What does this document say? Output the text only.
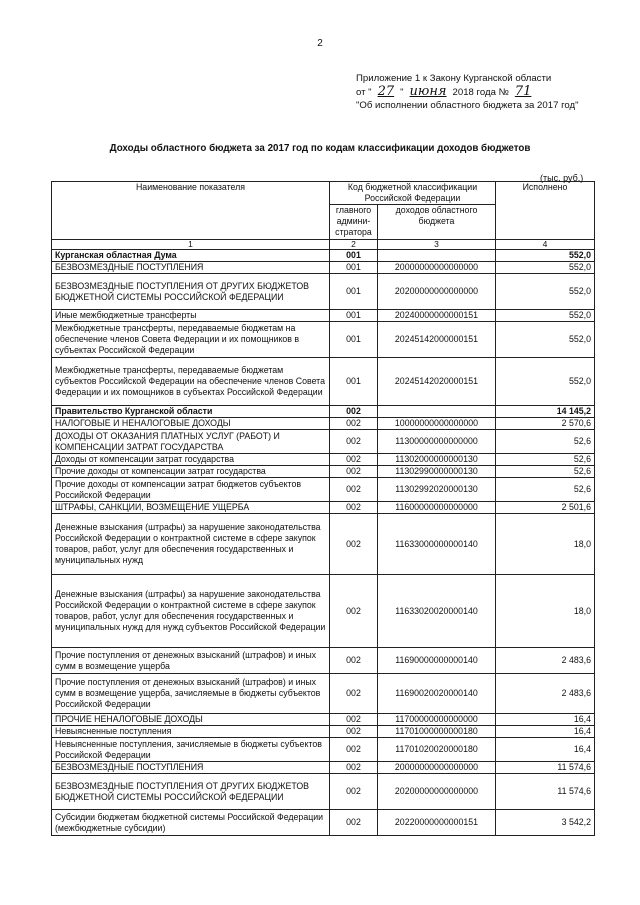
2
Приложение 1 к Закону Курганской области
от " 27 " июня 2018 года № 71
"Об исполнении областного бюджета за 2017 год"
Доходы областного бюджета за 2017 год по кодам классификации доходов бюджетов
(тыс. руб.)
Наименование показателя	Код бюджетной классификации Российской Федерации		Исполнено
	главного админи-стратора	доходов областного бюджета	
1	2	3	4
Курганская областная Дума	001		552,0
БЕЗВОЗМЕЗДНЫЕ ПОСТУПЛЕНИЯ	001	20000000000000000	552,0
БЕЗВОЗМЕЗДНЫЕ ПОСТУПЛЕНИЯ ОТ ДРУГИХ БЮДЖЕТОВ БЮДЖЕТНОЙ СИСТЕМЫ РОССИЙСКОЙ ФЕДЕРАЦИИ	001	20200000000000000	552,0
Иные межбюджетные трансферты	001	20240000000000151	552,0
Межбюджетные трансферты, передаваемые бюджетам на обеспечение членов Совета Федерации и их помощников в субъектах Российской Федерации	001	20245142000000151	552,0
Межбюджетные трансферты, передаваемые бюджетам субъектов Российской Федерации на обеспечение членов Совета Федерации и их помощников в субъектах Российской Федерации	001	20245142020000151	552,0
Правительство Курганской области	002		14 145,2
НАЛОГОВЫЕ И НЕНАЛОГОВЫЕ ДОХОДЫ	002	10000000000000000	2 570,6
ДОХОДЫ ОТ ОКАЗАНИЯ ПЛАТНЫХ УСЛУГ (РАБОТ) И КОМПЕНСАЦИИ ЗАТРАТ ГОСУДАРСТВА	002	11300000000000000	52,6
Доходы от компенсации затрат государства	002	11302000000000130	52,6
Прочие доходы от компенсации затрат государства	002	11302990000000130	52,6
Прочие доходы от компенсации затрат бюджетов субъектов Российской Федерации	002	11302992020000130	52,6
ШТРАФЫ, САНКЦИИ, ВОЗМЕЩЕНИЕ УЩЕРБА	002	11600000000000000	2 501,6
Денежные взыскания (штрафы) за нарушение законодательства Российской Федерации о контрактной системе в сфере закупок товаров, работ, услуг для обеспечения государственных и муниципальных нужд	002	11633000000000140	18,0
Денежные взыскания (штрафы) за нарушение законодательства Российской Федерации о контрактной системе в сфере закупок товаров, работ, услуг для обеспечения государственных и муниципальных нужд для нужд субъектов Российской Федерации	002	11633020020000140	18,0
Прочие поступления от денежных взысканий (штрафов) и иных сумм в возмещение ущерба	002	11690000000000140	2 483,6
Прочие поступления от денежных взысканий (штрафов) и иных сумм в возмещение ущерба, зачисляемые в бюджеты субъектов Российской Федерации	002	11690020020000140	2 483,6
ПРОЧИЕ НЕНАЛОГОВЫЕ ДОХОДЫ	002	11700000000000000	16,4
Невыясненные поступления	002	11701000000000180	16,4
Невыясненные поступления, зачисляемые в бюджеты субъектов Российской Федерации	002	11701020020000180	16,4
БЕЗВОЗМЕЗДНЫЕ ПОСТУПЛЕНИЯ	002	20000000000000000	11 574,6
БЕЗВОЗМЕЗДНЫЕ ПОСТУПЛЕНИЯ ОТ ДРУГИХ БЮДЖЕТОВ БЮДЖЕТНОЙ СИСТЕМЫ РОССИЙСКОЙ ФЕДЕРАЦИИ	002	20200000000000000	11 574,6
Субсидии бюджетам бюджетной системы Российской Федерации (межбюджетные субсидии)	002	20220000000000151	3 542,2
